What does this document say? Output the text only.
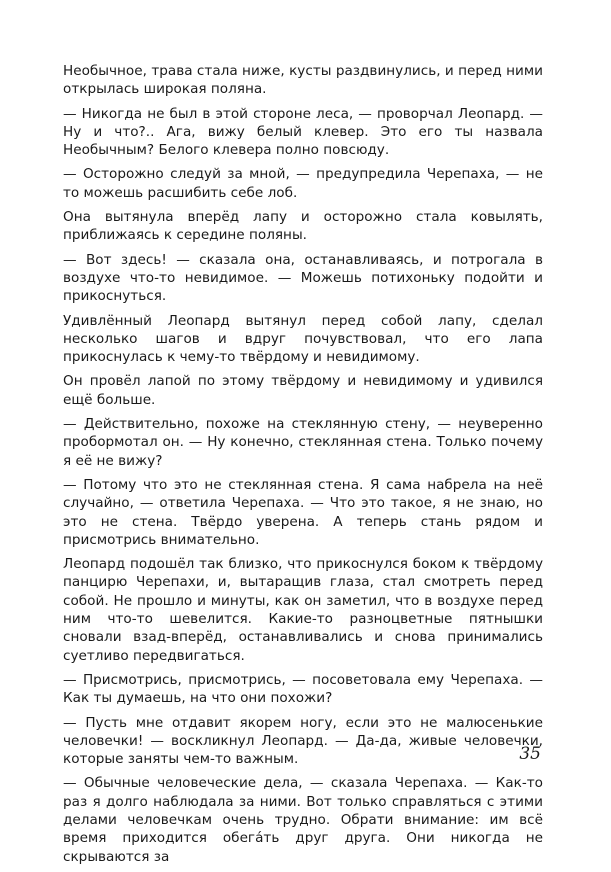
Необычное, трава стала ниже, кусты раздвинулись, и перед ними открылась широкая поляна.

— Никогда не был в этой стороне леса, — проворчал Леопард. — Ну и что?.. Ага, вижу белый клевер. Это его ты назвала Необычным? Белого клевера полно повсюду.

— Осторожно следуй за мной, — предупредила Черепаха, — не то можешь расшибить себе лоб.

Она вытянула вперёд лапу и осторожно стала ковылять, приближаясь к середине поляны.

— Вот здесь! — сказала она, останавливаясь, и потрогала в воздухе что-то невидимое. — Можешь потихоньку подойти и прикоснуться.

Удивлённый Леопард вытянул перед собой лапу, сделал несколько шагов и вдруг почувствовал, что его лапа прикоснулась к чему-то твёрдому и невидимому.

Он провёл лапой по этому твёрдому и невидимому и удивился ещё больше.

— Действительно, похоже на стеклянную стену, — неуверенно пробормотал он. — Ну конечно, стеклянная стена. Только почему я её не вижу?

— Потому что это не стеклянная стена. Я сама набрела на неё случайно, — ответила Черепаха. — Что это такое, я не знаю, но это не стена. Твёрдо уверена. А теперь стань рядом и присмотрись внимательно.

Леопард подошёл так близко, что прикоснулся боком к твёрдому панцирю Черепахи, и, вытаращив глаза, стал смотреть перед собой. Не прошло и минуты, как он заметил, что в воздухе перед ним что-то шевелится. Какие-то разноцветные пятнышки сновали взад-вперёд, останавливались и снова принимались суетливо передвигаться.

— Присмотрись, присмотрись, — посоветовала ему Черепаха. — Как ты думаешь, на что они похожи?

— Пусть мне отдавит якорем ногу, если это не малюсенькие человечки! — воскликнул Леопард. — Да-да, живые человечки, которые заняты чем-то важным.

— Обычные человеческие дела, — сказала Черепаха. — Как-то раз я долго наблюдала за ними. Вот только справляться с этими делами человечкам очень трудно. Обрати внимание: им всё время приходится обега́ть друг друга. Они никогда не скрываются за

35
